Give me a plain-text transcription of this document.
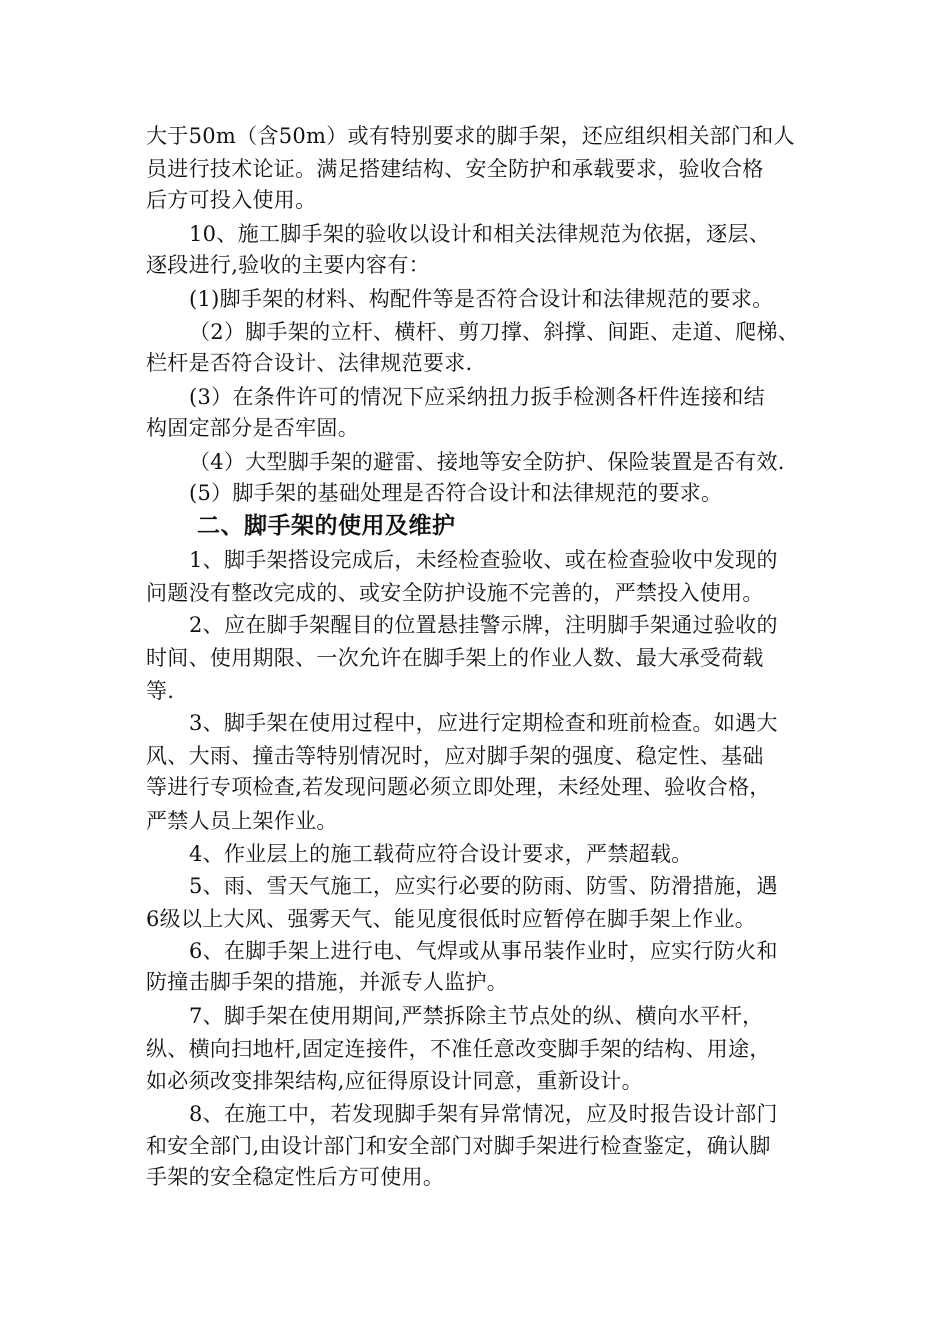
大于50m（含50m）或有特别要求的脚手架，还应组织相关部门和人
员进行技术论证。满足搭建结构、安全防护和承载要求，验收合格
后方可投入使用。
10、施工脚手架的验收以设计和相关法律规范为依据，逐层、
逐段进行,验收的主要内容有：
(1)脚手架的材料、构配件等是否符合设计和法律规范的要求。
（2）脚手架的立杆、横杆、剪刀撑、斜撑、间距、走道、爬梯、
栏杆是否符合设计、法律规范要求.
(3）在条件许可的情况下应采纳扭力扳手检测各杆件连接和结
构固定部分是否牢固。
（4）大型脚手架的避雷、接地等安全防护、保险装置是否有效.
(5）脚手架的基础处理是否符合设计和法律规范的要求。
二、脚手架的使用及维护
1、脚手架搭设完成后，未经检查验收、或在检查验收中发现的
问题没有整改完成的、或安全防护设施不完善的，严禁投入使用。
2、应在脚手架醒目的位置悬挂警示牌，注明脚手架通过验收的
时间、使用期限、一次允许在脚手架上的作业人数、最大承受荷载
等.
3、脚手架在使用过程中，应进行定期检查和班前检查。如遇大
风、大雨、撞击等特别情况时，应对脚手架的强度、稳定性、基础
等进行专项检查,若发现问题必须立即处理，未经处理、验收合格，
严禁人员上架作业。
4、作业层上的施工载荷应符合设计要求，严禁超载。
5、雨、雪天气施工，应实行必要的防雨、防雪、防滑措施，遇
6级以上大风、强雾天气、能见度很低时应暂停在脚手架上作业。
6、在脚手架上进行电、气焊或从事吊装作业时，应实行防火和
防撞击脚手架的措施，并派专人监护。
7、脚手架在使用期间,严禁拆除主节点处的纵、横向水平杆，
纵、横向扫地杆,固定连接件，不准任意改变脚手架的结构、用途，
如必须改变排架结构,应征得原设计同意，重新设计。
8、在施工中，若发现脚手架有异常情况，应及时报告设计部门
和安全部门,由设计部门和安全部门对脚手架进行检查鉴定，确认脚
手架的安全稳定性后方可使用。
